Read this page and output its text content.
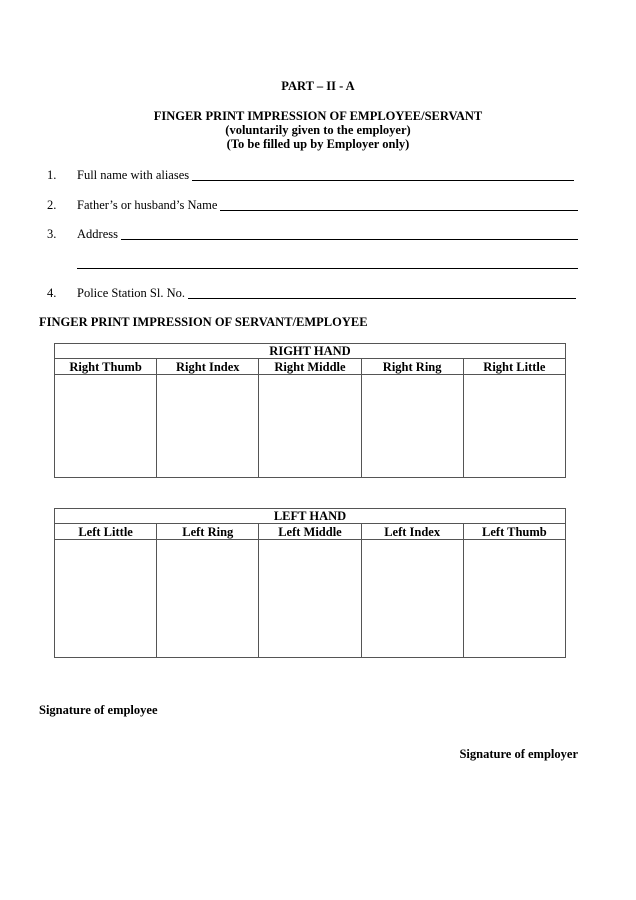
PART – II - A
FINGER PRINT IMPRESSION OF EMPLOYEE/SERVANT
(voluntarily given to the employer)
(To be filled up by Employer only)
1.	Full name with aliases
2.	Father’s or husband’s Name
3.	Address
4.	Police Station Sl. No.
FINGER PRINT IMPRESSION OF SERVANT/EMPLOYEE
RIGHT HAND				
Right Thumb	Right Index	Right Middle	Right Ring	Right Little

LEFT HAND				
Left Little	Left Ring	Left Middle	Left Index	Left Thumb

Signature of employee
Signature of employer
